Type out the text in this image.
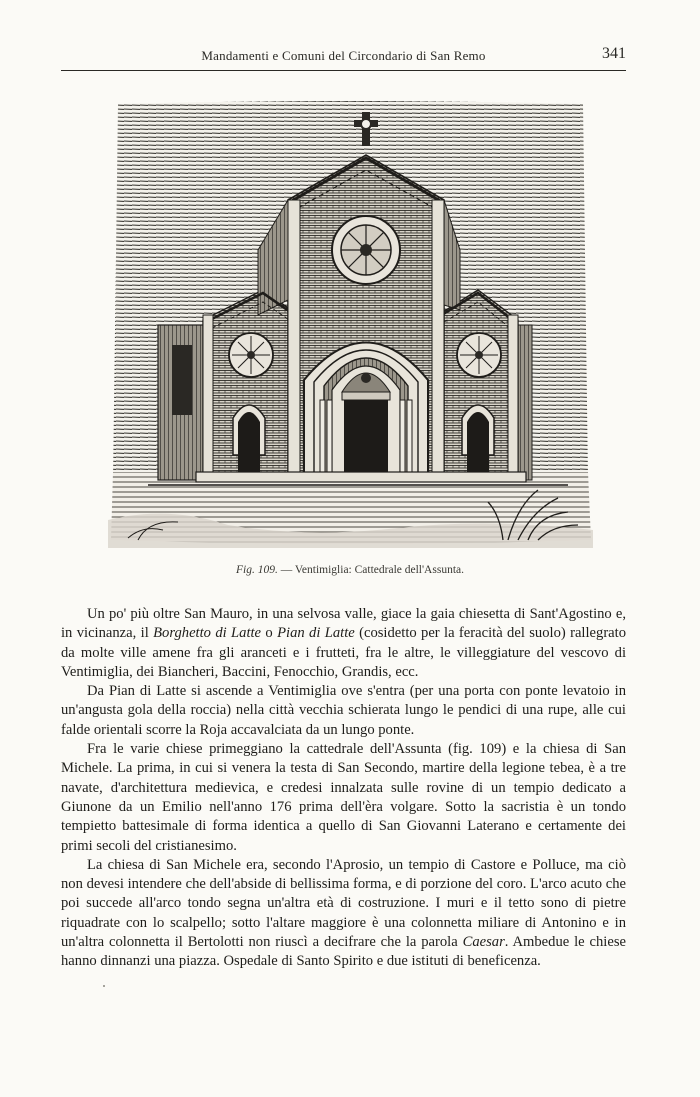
Mandamenti e Comuni del Circondario di San Remo	341
Fig. 109. — Ventimiglia: Cattedrale dell'Assunta.

Un po' più oltre San Mauro, in una selvosa valle, giace la gaia chiesetta di Sant'Agostino e, in vicinanza, il Borghetto di Latte o Pian di Latte (cosidetto per la feracità del suolo) rallegrato da molte ville amene fra gli aranceti e i frutteti, fra le altre, le villeggiature del vescovo di Ventimiglia, dei Biancheri, Baccini, Fenocchio, Grandis, ecc.

Da Pian di Latte si ascende a Ventimiglia ove s'entra (per una porta con ponte levatoio in un'angusta gola della roccia) nella città vecchia schierata lungo le pendici di una rupe, alle cui falde orientali scorre la Roja accavalciata da un lungo ponte.

Fra le varie chiese primeggiano la cattedrale dell'Assunta (fig. 109) e la chiesa di San Michele. La prima, in cui si venera la testa di San Secondo, martire della legione tebea, è a tre navate, d'architettura medievica, e credesi innalzata sulle rovine di un tempio dedicato a Giunone da un Emilio nell'anno 176 prima dell'èra volgare. Sotto la sacristia è un tondo tempietto battesimale di forma identica a quello di San Giovanni Laterano e certamente dei primi secoli del cristianesimo.

La chiesa di San Michele era, secondo l'Aprosio, un tempio di Castore e Polluce, ma ciò non devesi intendere che dell'abside di bellissima forma, e di porzione del coro. L'arco acuto che poi succede all'arco tondo segna un'altra età di costruzione. I muri e il tetto sono di pietre riquadrate con lo scalpello; sotto l'altare maggiore è una colonnetta miliare di Antonino e in un'altra colonnetta il Bertolotti non riuscì a decifrare che la parola Caesar. Ambedue le chiese hanno dinnanzi una piazza. Ospedale di Santo Spirito e due istituti di beneficenza.
